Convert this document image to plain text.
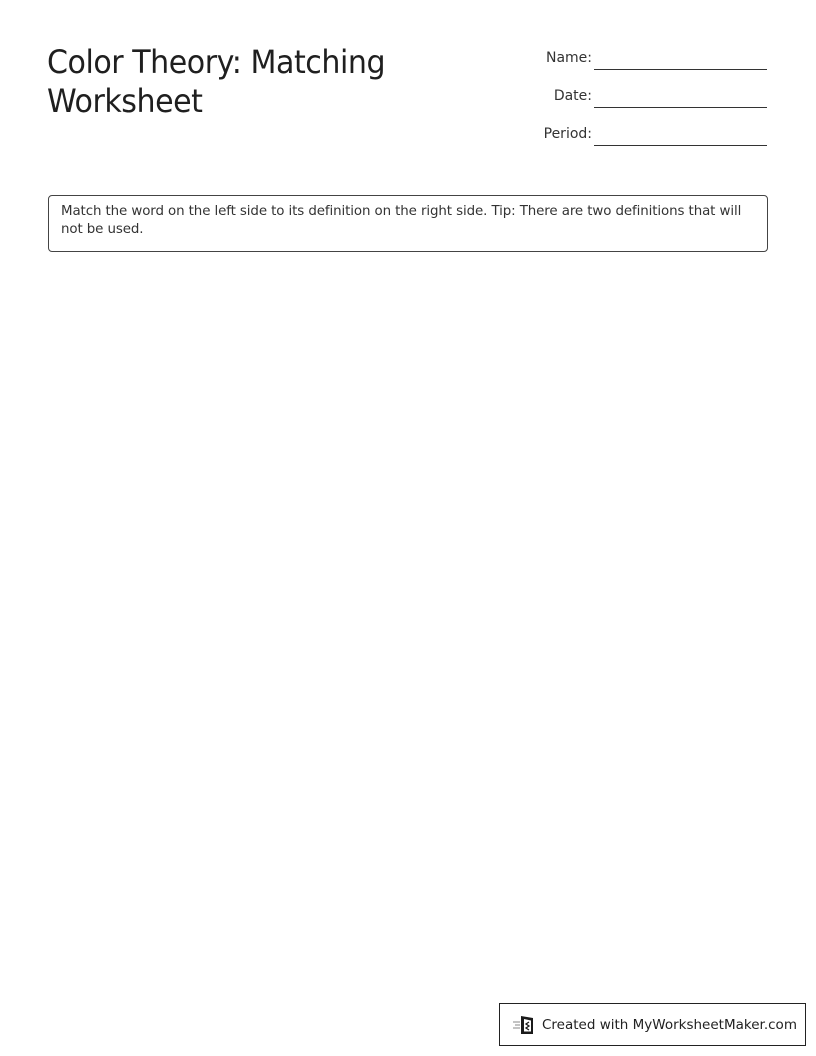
Color Theory: Matching Worksheet
Name:
Date:
Period:
Match the word on the left side to its definition on the right side. Tip: There are two definitions that will not be used.
Created with MyWorksheetMaker.com
